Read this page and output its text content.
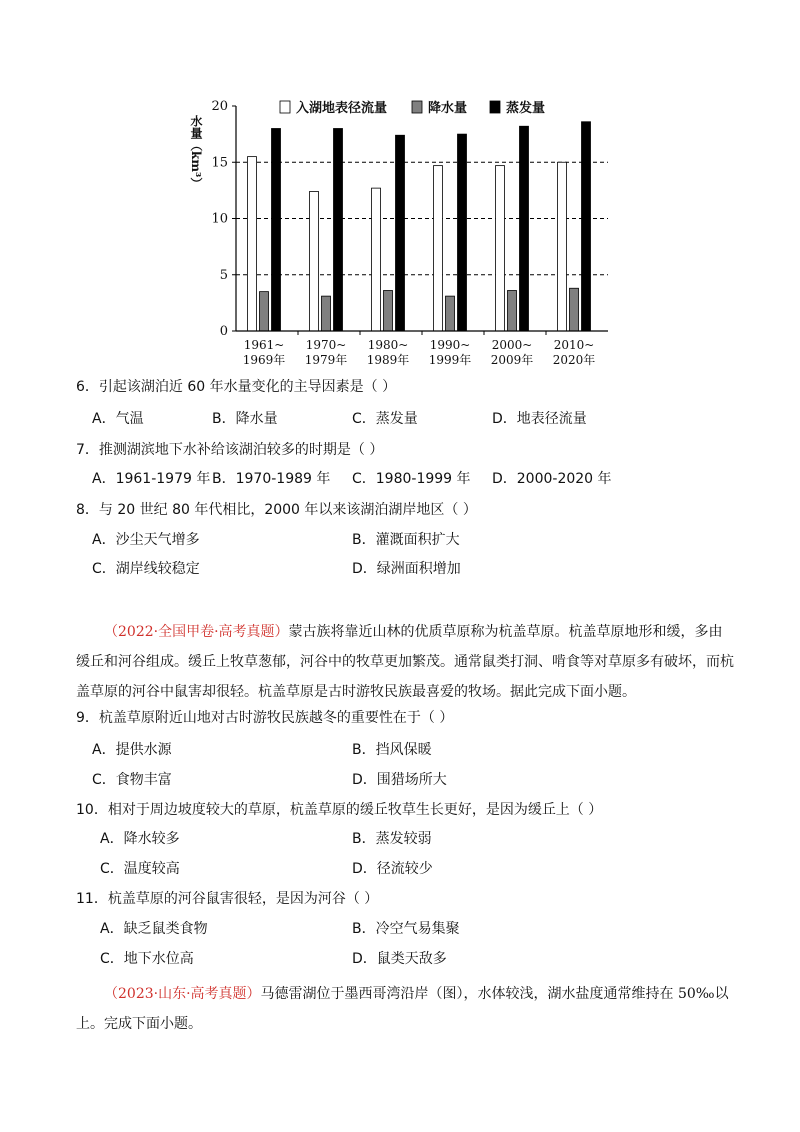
0
5
10
15
20
1961~
1969年
1970~
1979年
1980~
1989年
1990~
1999年
2000~
2009年
2010~
2020年
入湖地表径流量	降水量	蒸发量
水量（km³）
6．引起该湖泊近 60 年水量变化的主导因素是（ ）
A．气温	B．降水量	C．蒸发量	D．地表径流量
7．推测湖滨地下水补给该湖泊较多的时期是（ ）
A．1961-1979 年 B．1970-1989 年 C．1980-1999 年 D．2000-2020 年
8．与 20 世纪 80 年代相比，2000 年以来该湖泊湖岸地区（ ）
A．沙尘天气增多	B．灌溉面积扩大
C．湖岸线较稳定	D．绿洲面积增加
（2022·全国甲卷·高考真题）蒙古族将靠近山林的优质草原称为杭盖草原。杭盖草原地形和缓，多由缓丘和河谷组成。缓丘上牧草葱郁，河谷中的牧草更加繁茂。通常鼠类打洞、啃食等对草原多有破坏，而杭盖草原的河谷中鼠害却很轻。杭盖草原是古时游牧民族最喜爱的牧场。据此完成下面小题。
9．杭盖草原附近山地对古时游牧民族越冬的重要性在于（ ）
A．提供水源	B．挡风保暖
C．食物丰富	D．围猎场所大
10．相对于周边坡度较大的草原，杭盖草原的缓丘牧草生长更好，是因为缓丘上（ ）
A．降水较多	B．蒸发较弱
C．温度较高	D．径流较少
11．杭盖草原的河谷鼠害很轻，是因为河谷（ ）
A．缺乏鼠类食物	B．冷空气易集聚
C．地下水位高	D．鼠类天敌多
（2023·山东·高考真题）马德雷湖位于墨西哥湾沿岸（图），水体较浅，湖水盐度通常维持在 50‰以上。完成下面小题。
